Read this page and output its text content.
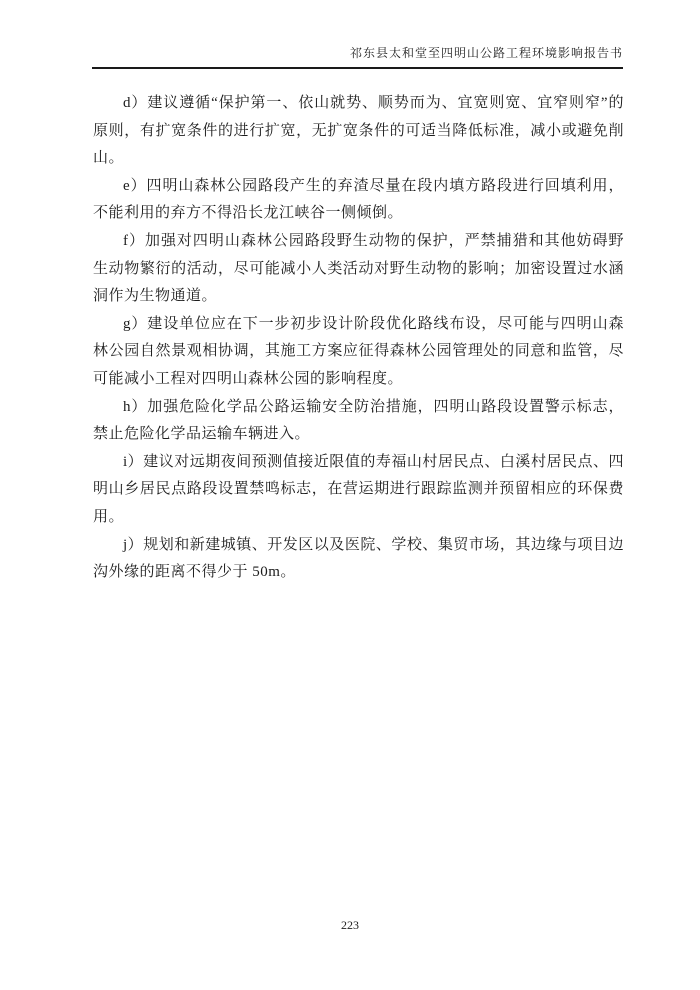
祁东县太和堂至四明山公路工程环境影响报告书

d）建议遵循“保护第一、依山就势、顺势而为、宜宽则宽、宜窄则窄”的原则，有扩宽条件的进行扩宽，无扩宽条件的可适当降低标准，减小或避免削山。

e）四明山森林公园路段产生的弃渣尽量在段内填方路段进行回填利用，不能利用的弃方不得沿长龙江峡谷一侧倾倒。

f）加强对四明山森林公园路段野生动物的保护，严禁捕猎和其他妨碍野生动物繁衍的活动，尽可能减小人类活动对野生动物的影响；加密设置过水涵洞作为生物通道。

g）建设单位应在下一步初步设计阶段优化路线布设，尽可能与四明山森林公园自然景观相协调，其施工方案应征得森林公园管理处的同意和监管，尽可能减小工程对四明山森林公园的影响程度。

h）加强危险化学品公路运输安全防治措施，四明山路段设置警示标志，禁止危险化学品运输车辆进入。

i）建议对远期夜间预测值接近限值的寿福山村居民点、白溪村居民点、四明山乡居民点路段设置禁鸣标志，在营运期进行跟踪监测并预留相应的环保费用。

j）规划和新建城镇、开发区以及医院、学校、集贸市场，其边缘与项目边沟外缘的距离不得少于 50m。

223
